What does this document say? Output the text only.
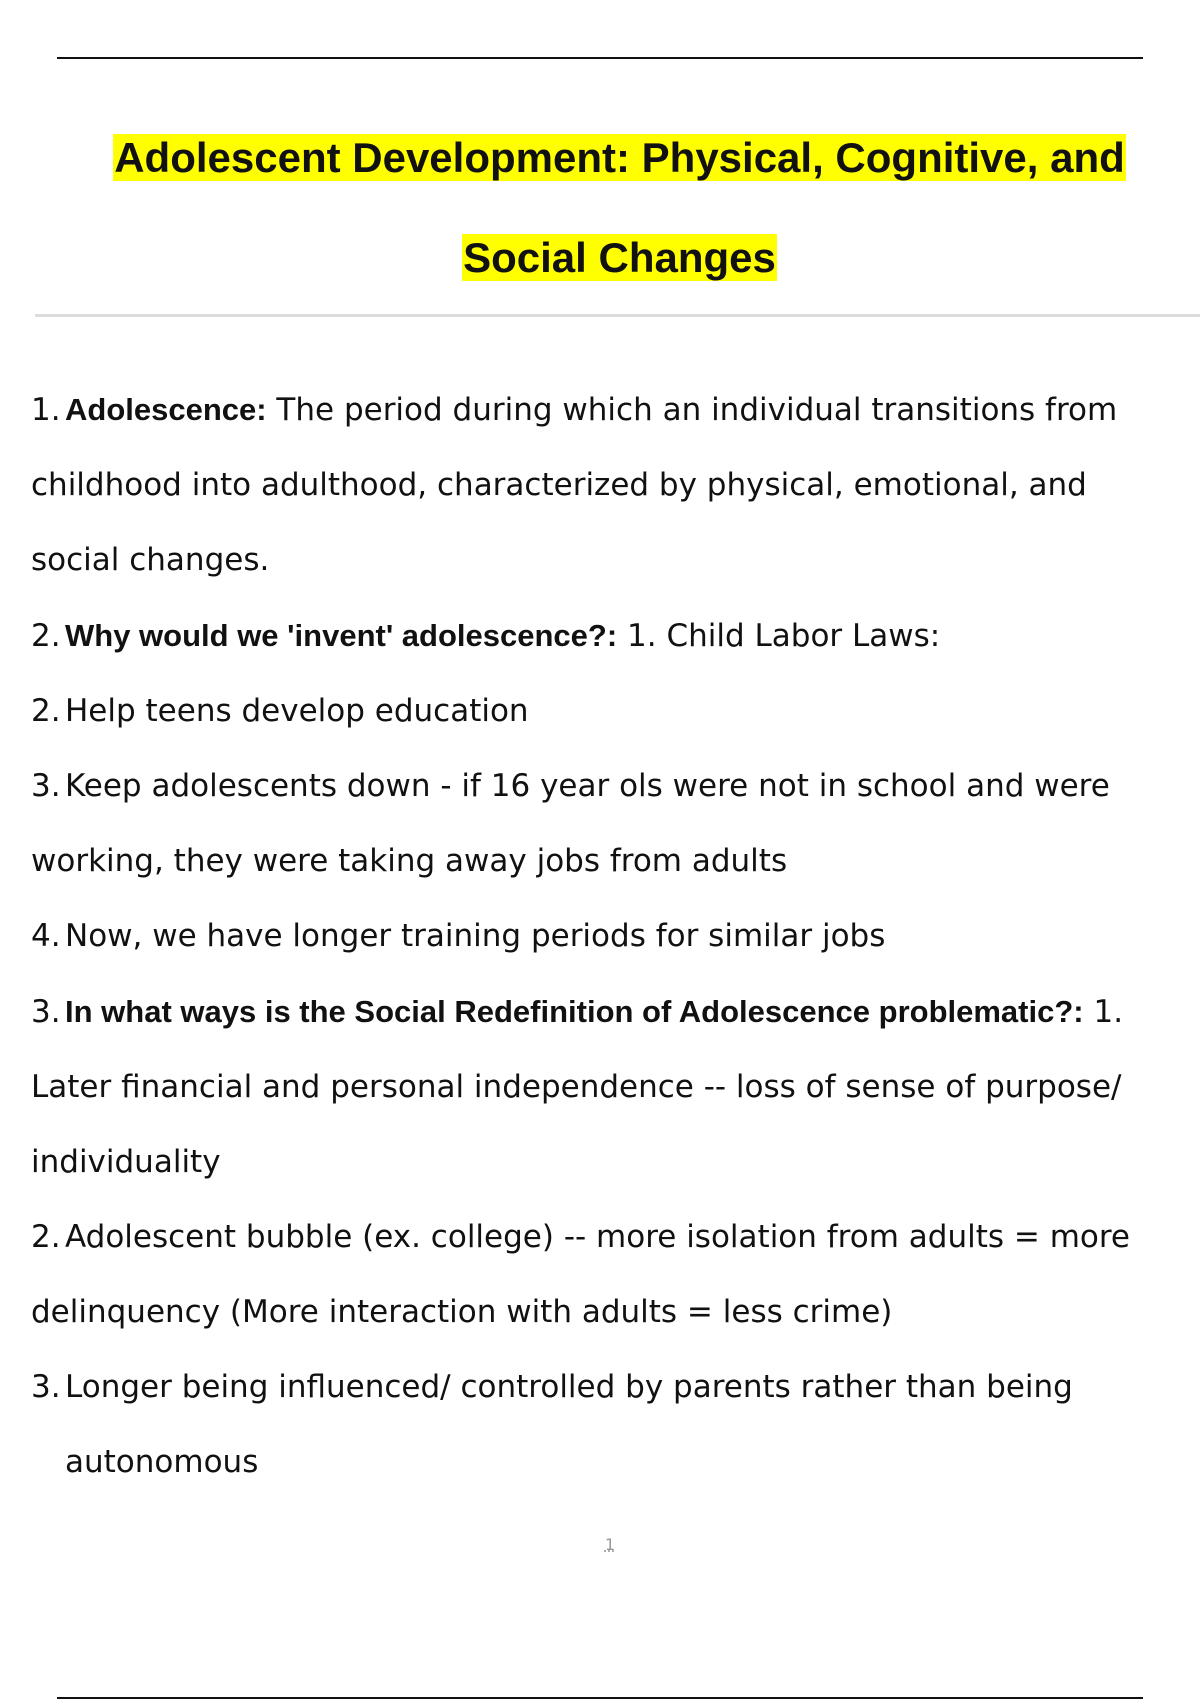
Adolescent Development: Physical, Cognitive, and
Social Changes

1. Adolescence: The period during which an individual transitions from childhood into adulthood, characterized by physical, emotional, and social changes.

2. Why would we 'invent' adolescence?: 1. Child Labor Laws:

2. Help teens develop education

3. Keep adolescents down - if 16 year ols were not in school and were working, they were taking away jobs from adults

4. Now, we have longer training periods for similar jobs

3. In what ways is the Social Redefinition of Adolescence problematic?: 1. Later financial and personal independence -- loss of sense of purpose/ individuality

2. Adolescent bubble (ex. college) -- more isolation from adults = more delinquency (More interaction with adults = less crime)

3. Longer being influenced/ controlled by parents rather than being

autonomous

1
